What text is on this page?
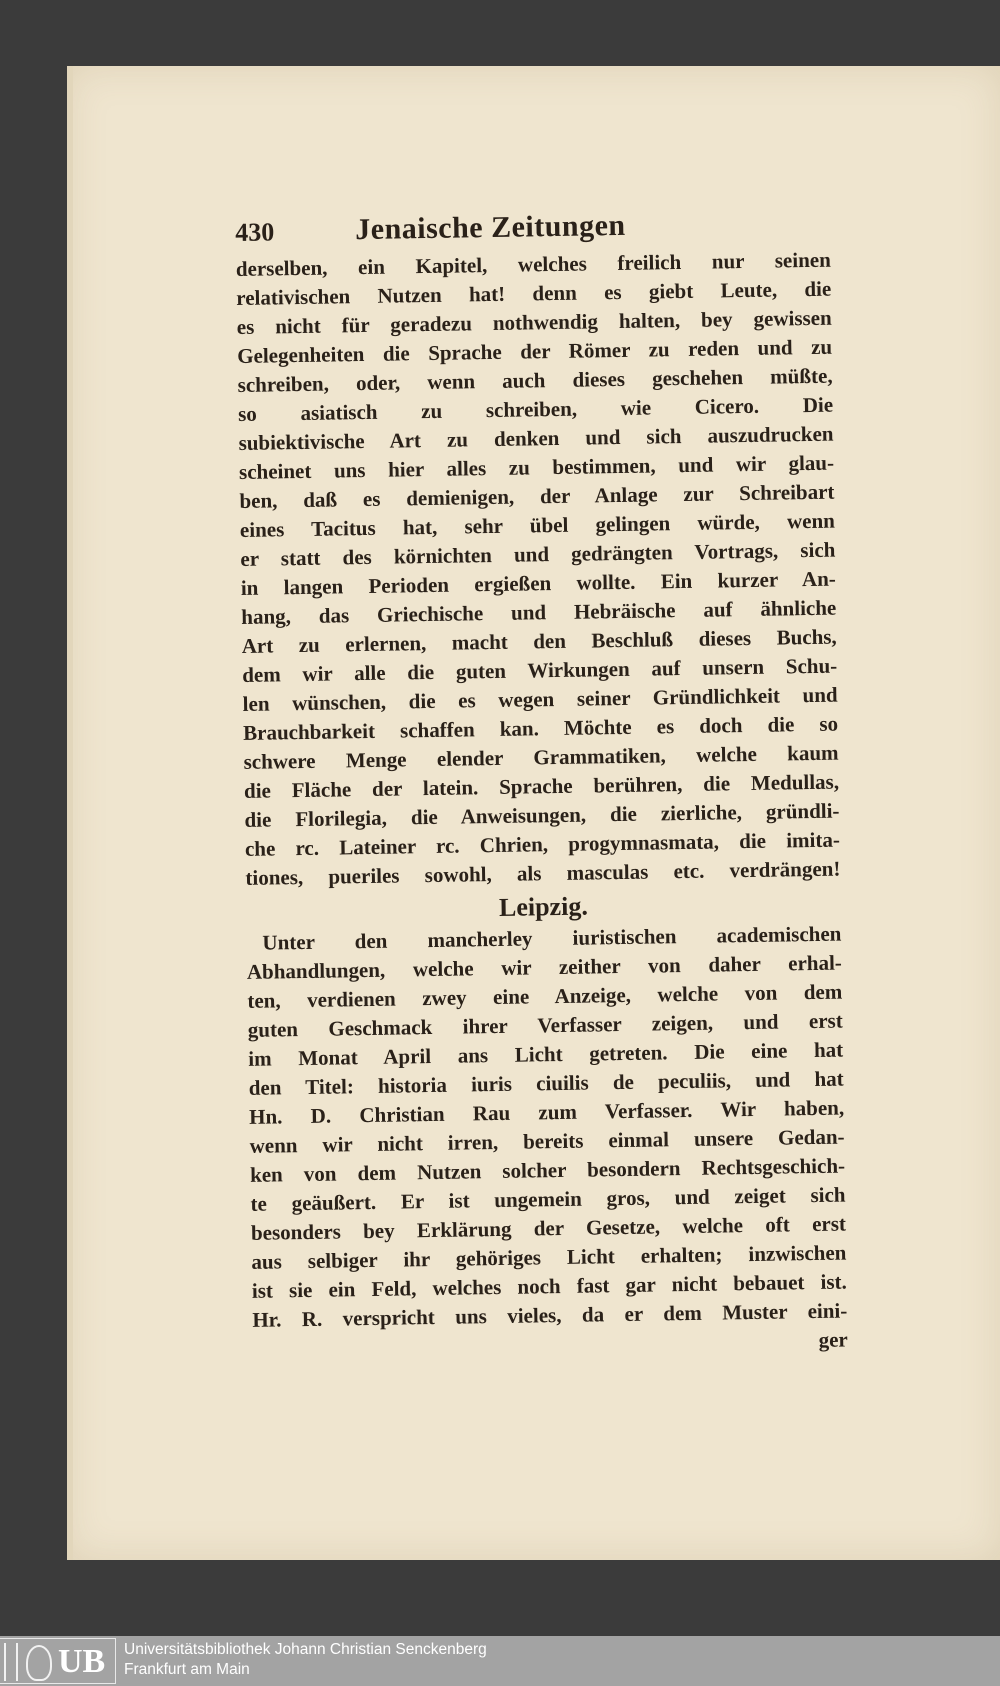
430	Jenaische Zeitungen
derselben, ein Kapitel, welches freilich nur seinen
relativischen Nutzen hat! denn es giebt Leute, die
es nicht für geradezu nothwendig halten, bey gewissen
Gelegenheiten die Sprache der Römer zu reden und zu
schreiben, oder, wenn auch dieses geschehen müßte,
so asiatisch zu schreiben, wie Cicero. Die
subiektivische Art zu denken und sich auszudrucken
scheinet uns hier alles zu bestimmen, und wir glau-
ben, daß es demienigen, der Anlage zur Schreibart
eines Tacitus hat, sehr übel gelingen würde, wenn
er statt des körnichten und gedrängten Vortrags, sich
in langen Perioden ergießen wollte. Ein kurzer An-
hang, das Griechische und Hebräische auf ähnliche
Art zu erlernen, macht den Beschluß dieses Buchs,
dem wir alle die guten Wirkungen auf unsern Schu-
len wünschen, die es wegen seiner Gründlichkeit und
Brauchbarkeit schaffen kan. Möchte es doch die so
schwere Menge elender Grammatiken, welche kaum
die Fläche der latein. Sprache berühren, die Medullas,
die Florilegia, die Anweisungen, die zierliche, gründli-
che rc. Lateiner rc. Chrien, progymnasmata, die imita-
tiones, pueriles sowohl, als masculas etc. verdrängen!
Leipzig.
Unter den mancherley iuristischen academischen
Abhandlungen, welche wir zeither von daher erhal-
ten, verdienen zwey eine Anzeige, welche von dem
guten Geschmack ihrer Verfasser zeigen, und erst
im Monat April ans Licht getreten. Die eine hat
den Titel: historia iuris ciuilis de peculiis, und hat
Hn. D. Christian Rau zum Verfasser. Wir haben,
wenn wir nicht irren, bereits einmal unsere Gedan-
ken von dem Nutzen solcher besondern Rechtsgeschich-
te geäußert. Er ist ungemein gros, und zeiget sich
besonders bey Erklärung der Gesetze, welche oft erst
aus selbiger ihr gehöriges Licht erhalten; inzwischen
ist sie ein Feld, welches noch fast gar nicht bebauet ist.
Hr. R. verspricht uns vieles, da er dem Muster eini-
ger
UB Universitätsbibliothek Johann Christian Senckenberg
Frankfurt am Main
